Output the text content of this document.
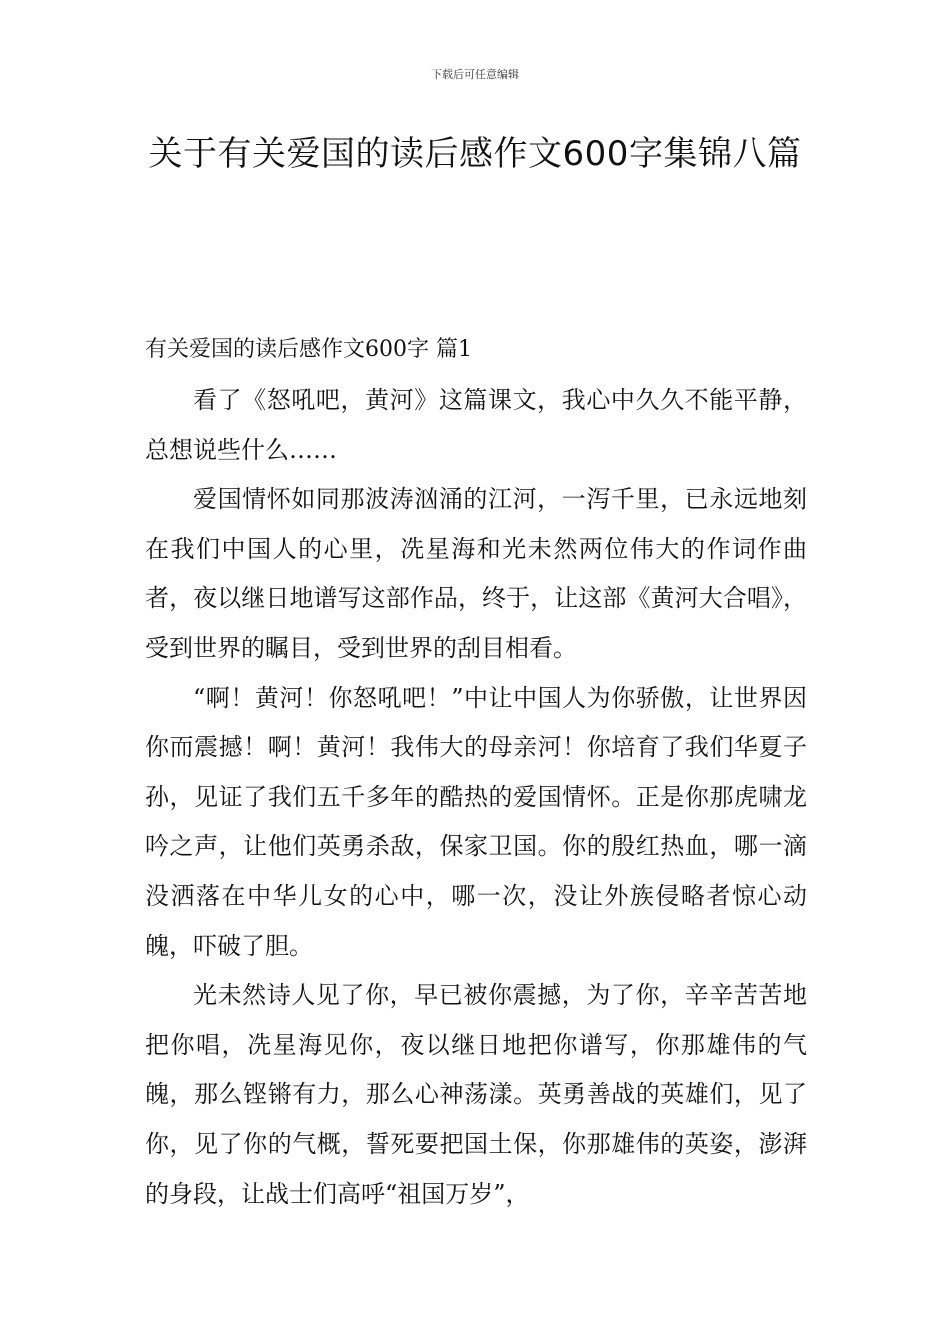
下载后可任意编辑
关于有关爱国的读后感作文600字集锦八篇
有关爱国的读后感作文600字 篇1

看了《怒吼吧，黄河》这篇课文，我心中久久不能平静，总想说些什么……

爱国情怀如同那波涛汹涌的江河，一泻千里，已永远地刻在我们中国人的心里，冼星海和光未然两位伟大的作词作曲者，夜以继日地谱写这部作品，终于，让这部《黄河大合唱》，受到世界的瞩目，受到世界的刮目相看。

“啊！黄河！你怒吼吧！”中让中国人为你骄傲，让世界因你而震撼！啊！黄河！我伟大的母亲河！你培育了我们华夏子孙，见证了我们五千多年的酷热的爱国情怀。正是你那虎啸龙吟之声，让他们英勇杀敌，保家卫国。你的殷红热血，哪一滴没洒落在中华儿女的心中，哪一次，没让外族侵略者惊心动魄，吓破了胆。

光未然诗人见了你，早已被你震撼，为了你，辛辛苦苦地把你唱，冼星海见你，夜以继日地把你谱写，你那雄伟的气魄，那么铿锵有力，那么心神荡漾。英勇善战的英雄们，见了你，见了你的气概，誓死要把国土保，你那雄伟的英姿，澎湃的身段，让战士们高呼“祖国万岁”，
